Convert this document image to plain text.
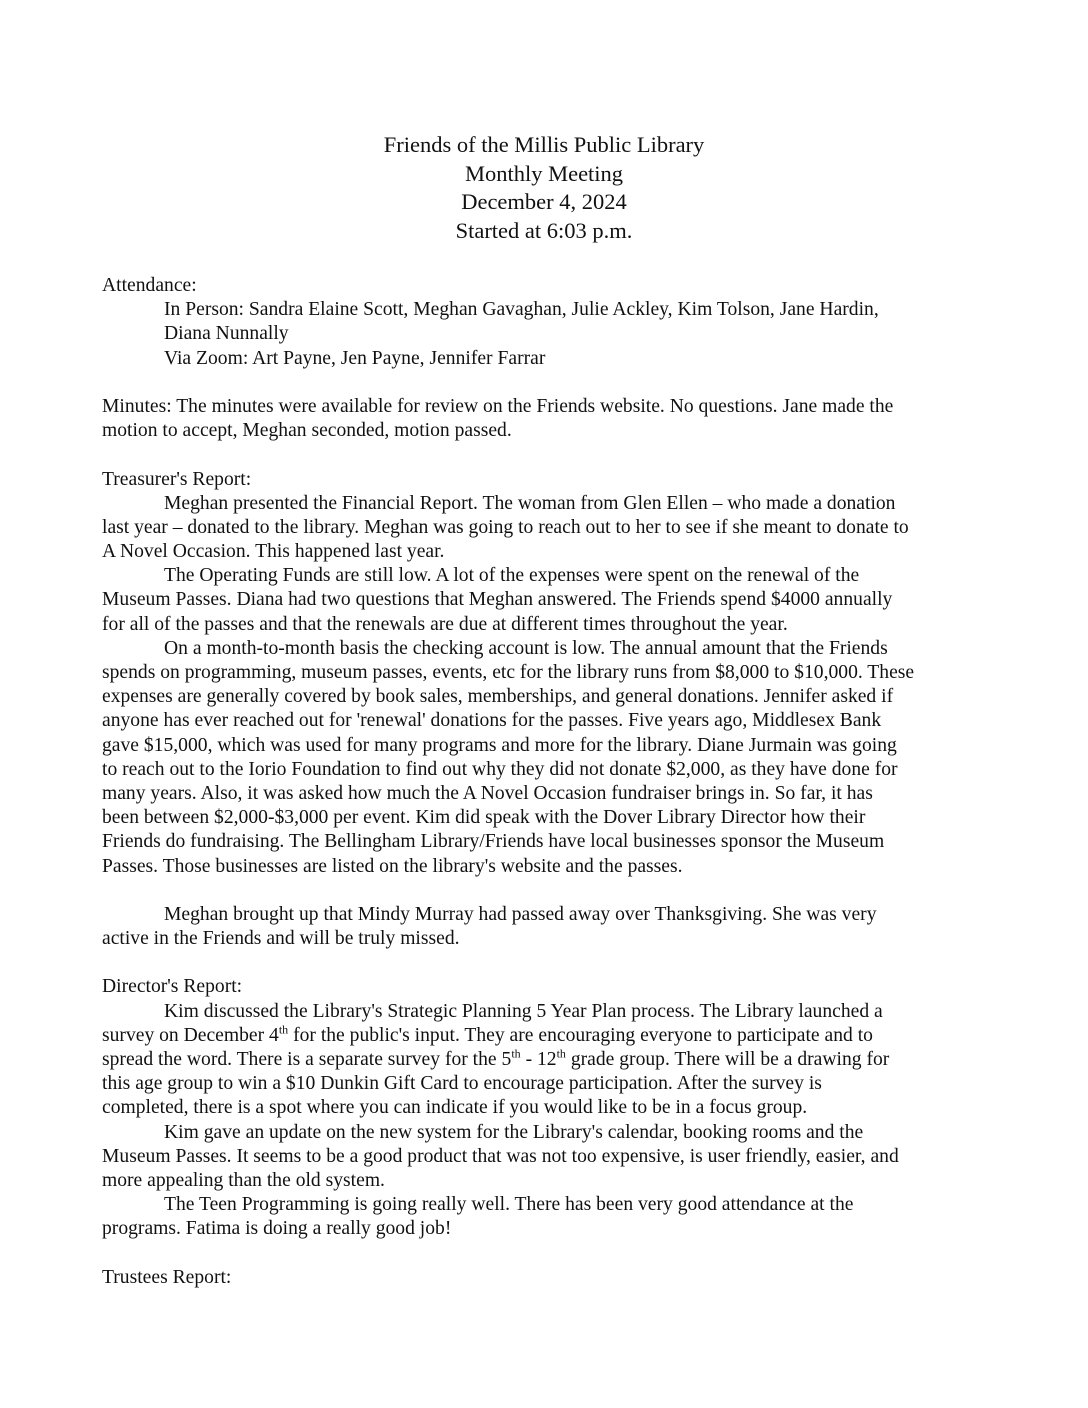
Friends of the Millis Public Library
Monthly Meeting
December 4, 2024
Started at 6:03 p.m.
Attendance:
In Person: Sandra Elaine Scott, Meghan Gavaghan, Julie Ackley, Kim Tolson, Jane Hardin,
Diana Nunnally
Via Zoom: Art Payne, Jen Payne, Jennifer Farrar
Minutes: The minutes were available for review on the Friends website. No questions. Jane made the
motion to accept, Meghan seconded, motion passed.
Treasurer's Report:
Meghan presented the Financial Report. The woman from Glen Ellen – who made a donation
last year – donated to the library. Meghan was going to reach out to her to see if she meant to donate to
A Novel Occasion. This happened last year.
The Operating Funds are still low. A lot of the expenses were spent on the renewal of the
Museum Passes. Diana had two questions that Meghan answered. The Friends spend $4000 annually
for all of the passes and that the renewals are due at different times throughout the year.
On a month-to-month basis the checking account is low. The annual amount that the Friends
spends on programming, museum passes, events, etc for the library runs from $8,000 to $10,000. These
expenses are generally covered by book sales, memberships, and general donations. Jennifer asked if
anyone has ever reached out for 'renewal' donations for the passes. Five years ago, Middlesex Bank
gave $15,000, which was used for many programs and more for the library. Diane Jurmain was going
to reach out to the Iorio Foundation to find out why they did not donate $2,000, as they have done for
many years. Also, it was asked how much the A Novel Occasion fundraiser brings in. So far, it has
been between $2,000-$3,000 per event. Kim did speak with the Dover Library Director how their
Friends do fundraising. The Bellingham Library/Friends have local businesses sponsor the Museum
Passes. Those businesses are listed on the library's website and the passes.
Meghan brought up that Mindy Murray had passed away over Thanksgiving. She was very
active in the Friends and will be truly missed.
Director's Report:
Kim discussed the Library's Strategic Planning 5 Year Plan process. The Library launched a
survey on December 4th for the public's input. They are encouraging everyone to participate and to
spread the word. There is a separate survey for the 5th - 12th grade group. There will be a drawing for
this age group to win a $10 Dunkin Gift Card to encourage participation. After the survey is
completed, there is a spot where you can indicate if you would like to be in a focus group.
Kim gave an update on the new system for the Library's calendar, booking rooms and the
Museum Passes. It seems to be a good product that was not too expensive, is user friendly, easier, and
more appealing than the old system.
The Teen Programming is going really well. There has been very good attendance at the
programs. Fatima is doing a really good job!
Trustees Report:
